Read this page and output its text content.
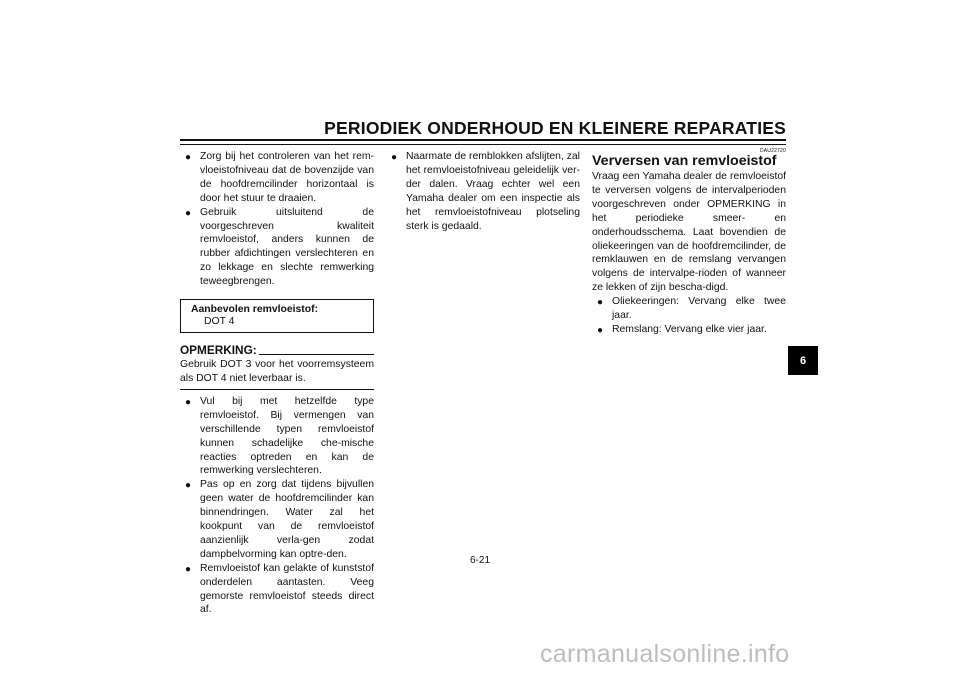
PERIODIEK ONDERHOUD EN KLEINERE REPARATIES
● Zorg bij het controleren van het rem-vloeistofniveau dat de bovenzijde van de hoofdremcilinder horizontaal is door het stuur te draaien.
● Gebruik uitsluitend de voorgeschreven kwaliteit remvloeistof, anders kunnen de rubber afdichtingen verslechteren en zo lekkage en slechte remwerking teweegbrengen.
Aanbevolen remvloeistof:
DOT 4
OPMERKING:
Gebruik DOT 3 voor het voorremsysteem als DOT 4 niet leverbaar is.
● Vul bij met hetzelfde type remvloeistof. Bij vermengen van verschillende typen remvloeistof kunnen schadelijke che-mische reacties optreden en kan de remwerking verslechteren.
● Pas op en zorg dat tijdens bijvullen geen water de hoofdremcilinder kan binnendringen. Water zal het kookpunt van de remvloeistof aanzienlijk verla-gen zodat dampbelvorming kan optre-den.
● Remvloeistof kan gelakte of kunststof onderdelen aantasten. Veeg gemorste remvloeistof steeds direct af.
● Naarmate de remblokken afslijten, zal het remvloeistofniveau geleidelijk ver-der dalen. Vraag echter wel een Yamaha dealer om een inspectie als het remvloeistofniveau plotseling sterk is gedaald.
DAU22720
Verversen van remvloeistof
Vraag een Yamaha dealer de remvloeistof te verversen volgens de intervalperioden voorgeschreven onder OPMERKING in het periodieke smeer- en onderhoudsschema. Laat bovendien de oliekeeringen van de hoofdremcilinder, de remklauwen en de remslang vervangen volgens de intervalpe-rioden of wanneer ze lekken of zijn bescha-digd.
● Oliekeeringen: Vervang elke twee jaar.
● Remslang: Vervang elke vier jaar.
6
6-21
carmanualsonline.info
